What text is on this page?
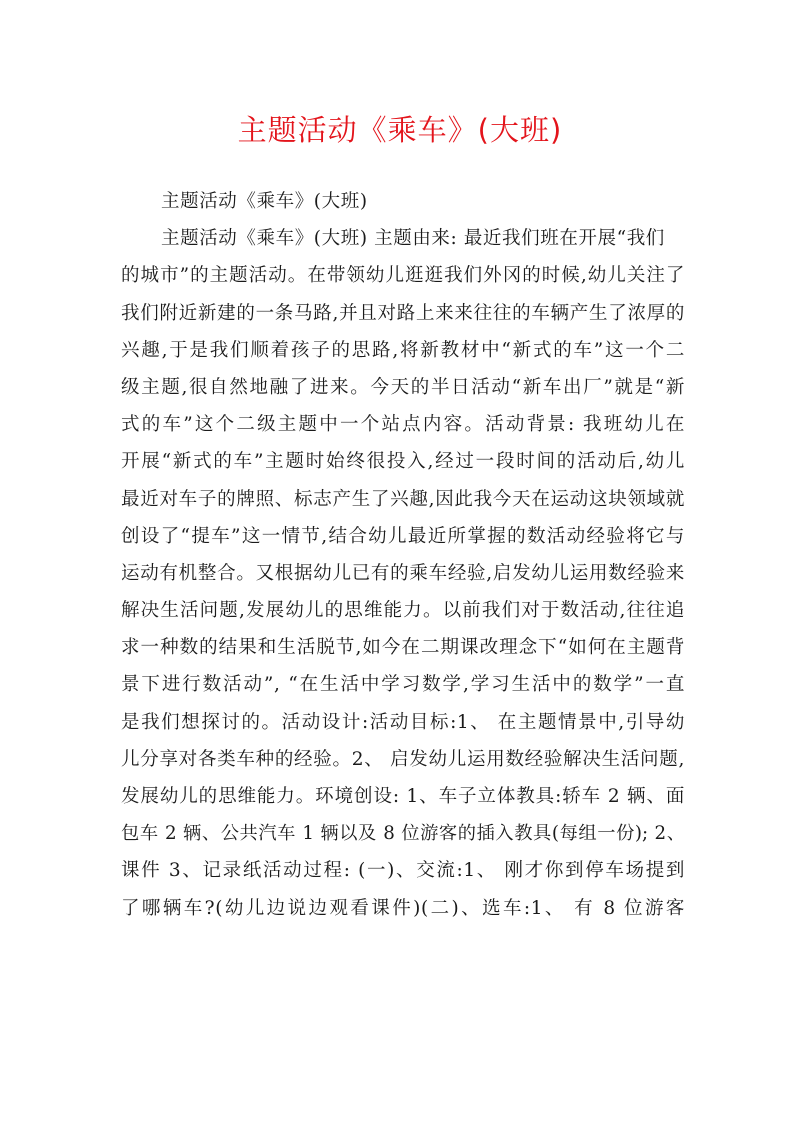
主题活动《乘车》(大班)
主题活动《乘车》(大班)
主题活动《乘车》(大班) 主题由来: 最近我们班在开展“我们
的城市”的主题活动。在带领幼儿逛逛我们外冈的时候,幼儿关注了
我们附近新建的一条马路,并且对路上来来往往的车辆产生了浓厚的
兴趣,于是我们顺着孩子的思路,将新教材中“新式的车”这一个二
级主题,很自然地融了进来。今天的半日活动“新车出厂”就是“新
式的车”这个二级主题中一个站点内容。活动背景: 我班幼儿在
开展“新式的车”主题时始终很投入,经过一段时间的活动后,幼儿
最近对车子的牌照、标志产生了兴趣,因此我今天在运动这块领域就
创设了“提车”这一情节,结合幼儿最近所掌握的数活动经验将它与
运动有机整合。又根据幼儿已有的乘车经验,启发幼儿运用数经验来
解决生活问题,发展幼儿的思维能力。以前我们对于数活动,往往追
求一种数的结果和生活脱节,如今在二期课改理念下“如何在主题背
景下进行数活动”, “在生活中学习数学,学习生活中的数学”一直
是我们想探讨的。活动设计:活动目标:1、 在主题情景中,引导幼
儿分享对各类车种的经验。2、 启发幼儿运用数经验解决生活问题,
发展幼儿的思维能力。环境创设: 1、车子立体教具:轿车 2 辆、面
包车 2 辆、公共汽车 1 辆以及 8 位游客的插入教具(每组一份); 2、
课件 3、记录纸活动过程: (一)、交流:1、 刚才你到停车场提到
了哪辆车?(幼儿边说边观看课件)(二)、选车:1、 有 8 位游客
